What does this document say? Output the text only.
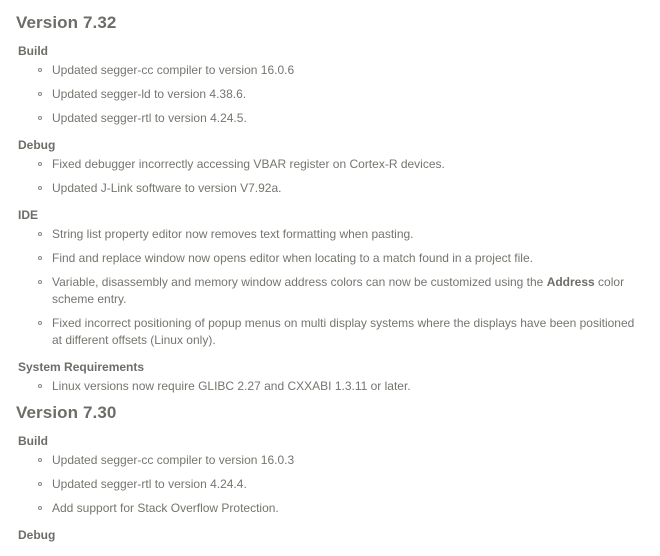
Version 7.32
Build
Updated segger-cc compiler to version 16.0.6
Updated segger-ld to version 4.38.6.
Updated segger-rtl to version 4.24.5.
Debug
Fixed debugger incorrectly accessing VBAR register on Cortex-R devices.
Updated J-Link software to version V7.92a.
IDE
String list property editor now removes text formatting when pasting.
Find and replace window now opens editor when locating to a match found in a project file.
Variable, disassembly and memory window address colors can now be customized using the Address color scheme entry.
Fixed incorrect positioning of popup menus on multi display systems where the displays have been positioned at different offsets (Linux only).
System Requirements
Linux versions now require GLIBC 2.27 and CXXABI 1.3.11 or later.
Version 7.30
Build
Updated segger-cc compiler to version 16.0.3
Updated segger-rtl to version 4.24.4.
Add support for Stack Overflow Protection.
Debug
